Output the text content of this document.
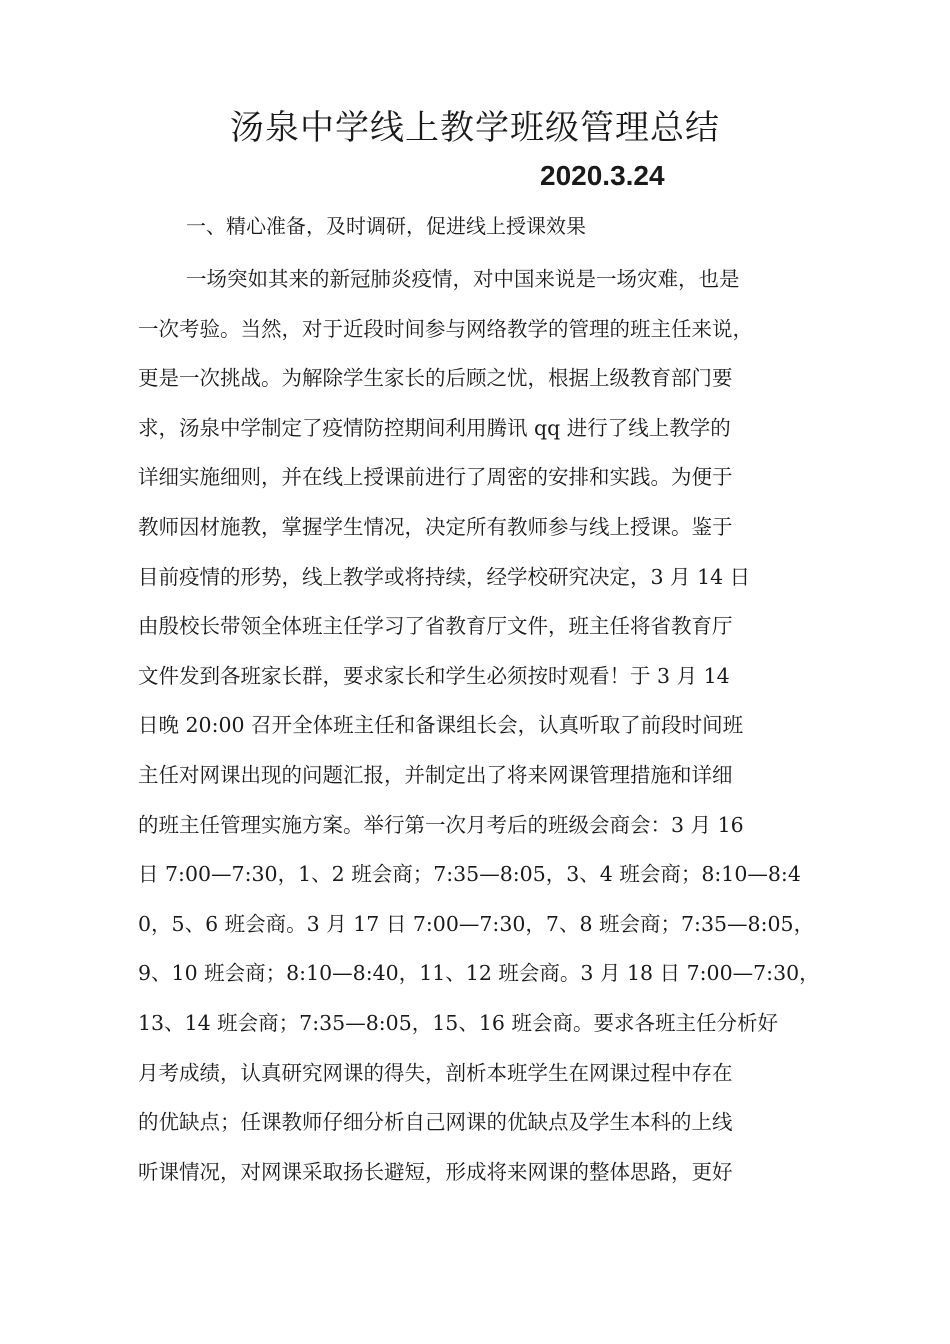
汤泉中学线上教学班级管理总结
2020.3.24
一、精心准备，及时调研，促进线上授课效果
一场突如其来的新冠肺炎疫情，对中国来说是一场灾难，也是
一次考验。当然，对于近段时间参与网络教学的管理的班主任来说，
更是一次挑战。为解除学生家长的后顾之忧，根据上级教育部门要
求，汤泉中学制定了疫情防控期间利用腾讯 qq 进行了线上教学的
详细实施细则，并在线上授课前进行了周密的安排和实践。为便于
教师因材施教，掌握学生情况，决定所有教师参与线上授课。鉴于
目前疫情的形势，线上教学或将持续，经学校研究决定，3 月 14 日
由殷校长带领全体班主任学习了省教育厅文件，班主任将省教育厅
文件发到各班家长群，要求家长和学生必须按时观看！于 3 月 14
日晚 20:00 召开全体班主任和备课组长会，认真听取了前段时间班
主任对网课出现的问题汇报，并制定出了将来网课管理措施和详细
的班主任管理实施方案。举行第一次月考后的班级会商会：3 月 16
日 7:00—7:30，1、2 班会商；7:35—8:05，3、4 班会商；8:10—8:4
0，5、6 班会商。3 月 17 日 7:00—7:30，7、8 班会商；7:35—8:05，
9、10 班会商；8:10—8:40，11、12 班会商。3 月 18 日 7:00—7:30，
13、14 班会商；7:35—8:05，15、16 班会商。要求各班主任分析好
月考成绩，认真研究网课的得失，剖析本班学生在网课过程中存在
的优缺点；任课教师仔细分析自己网课的优缺点及学生本科的上线
听课情况，对网课采取扬长避短，形成将来网课的整体思路，更好
